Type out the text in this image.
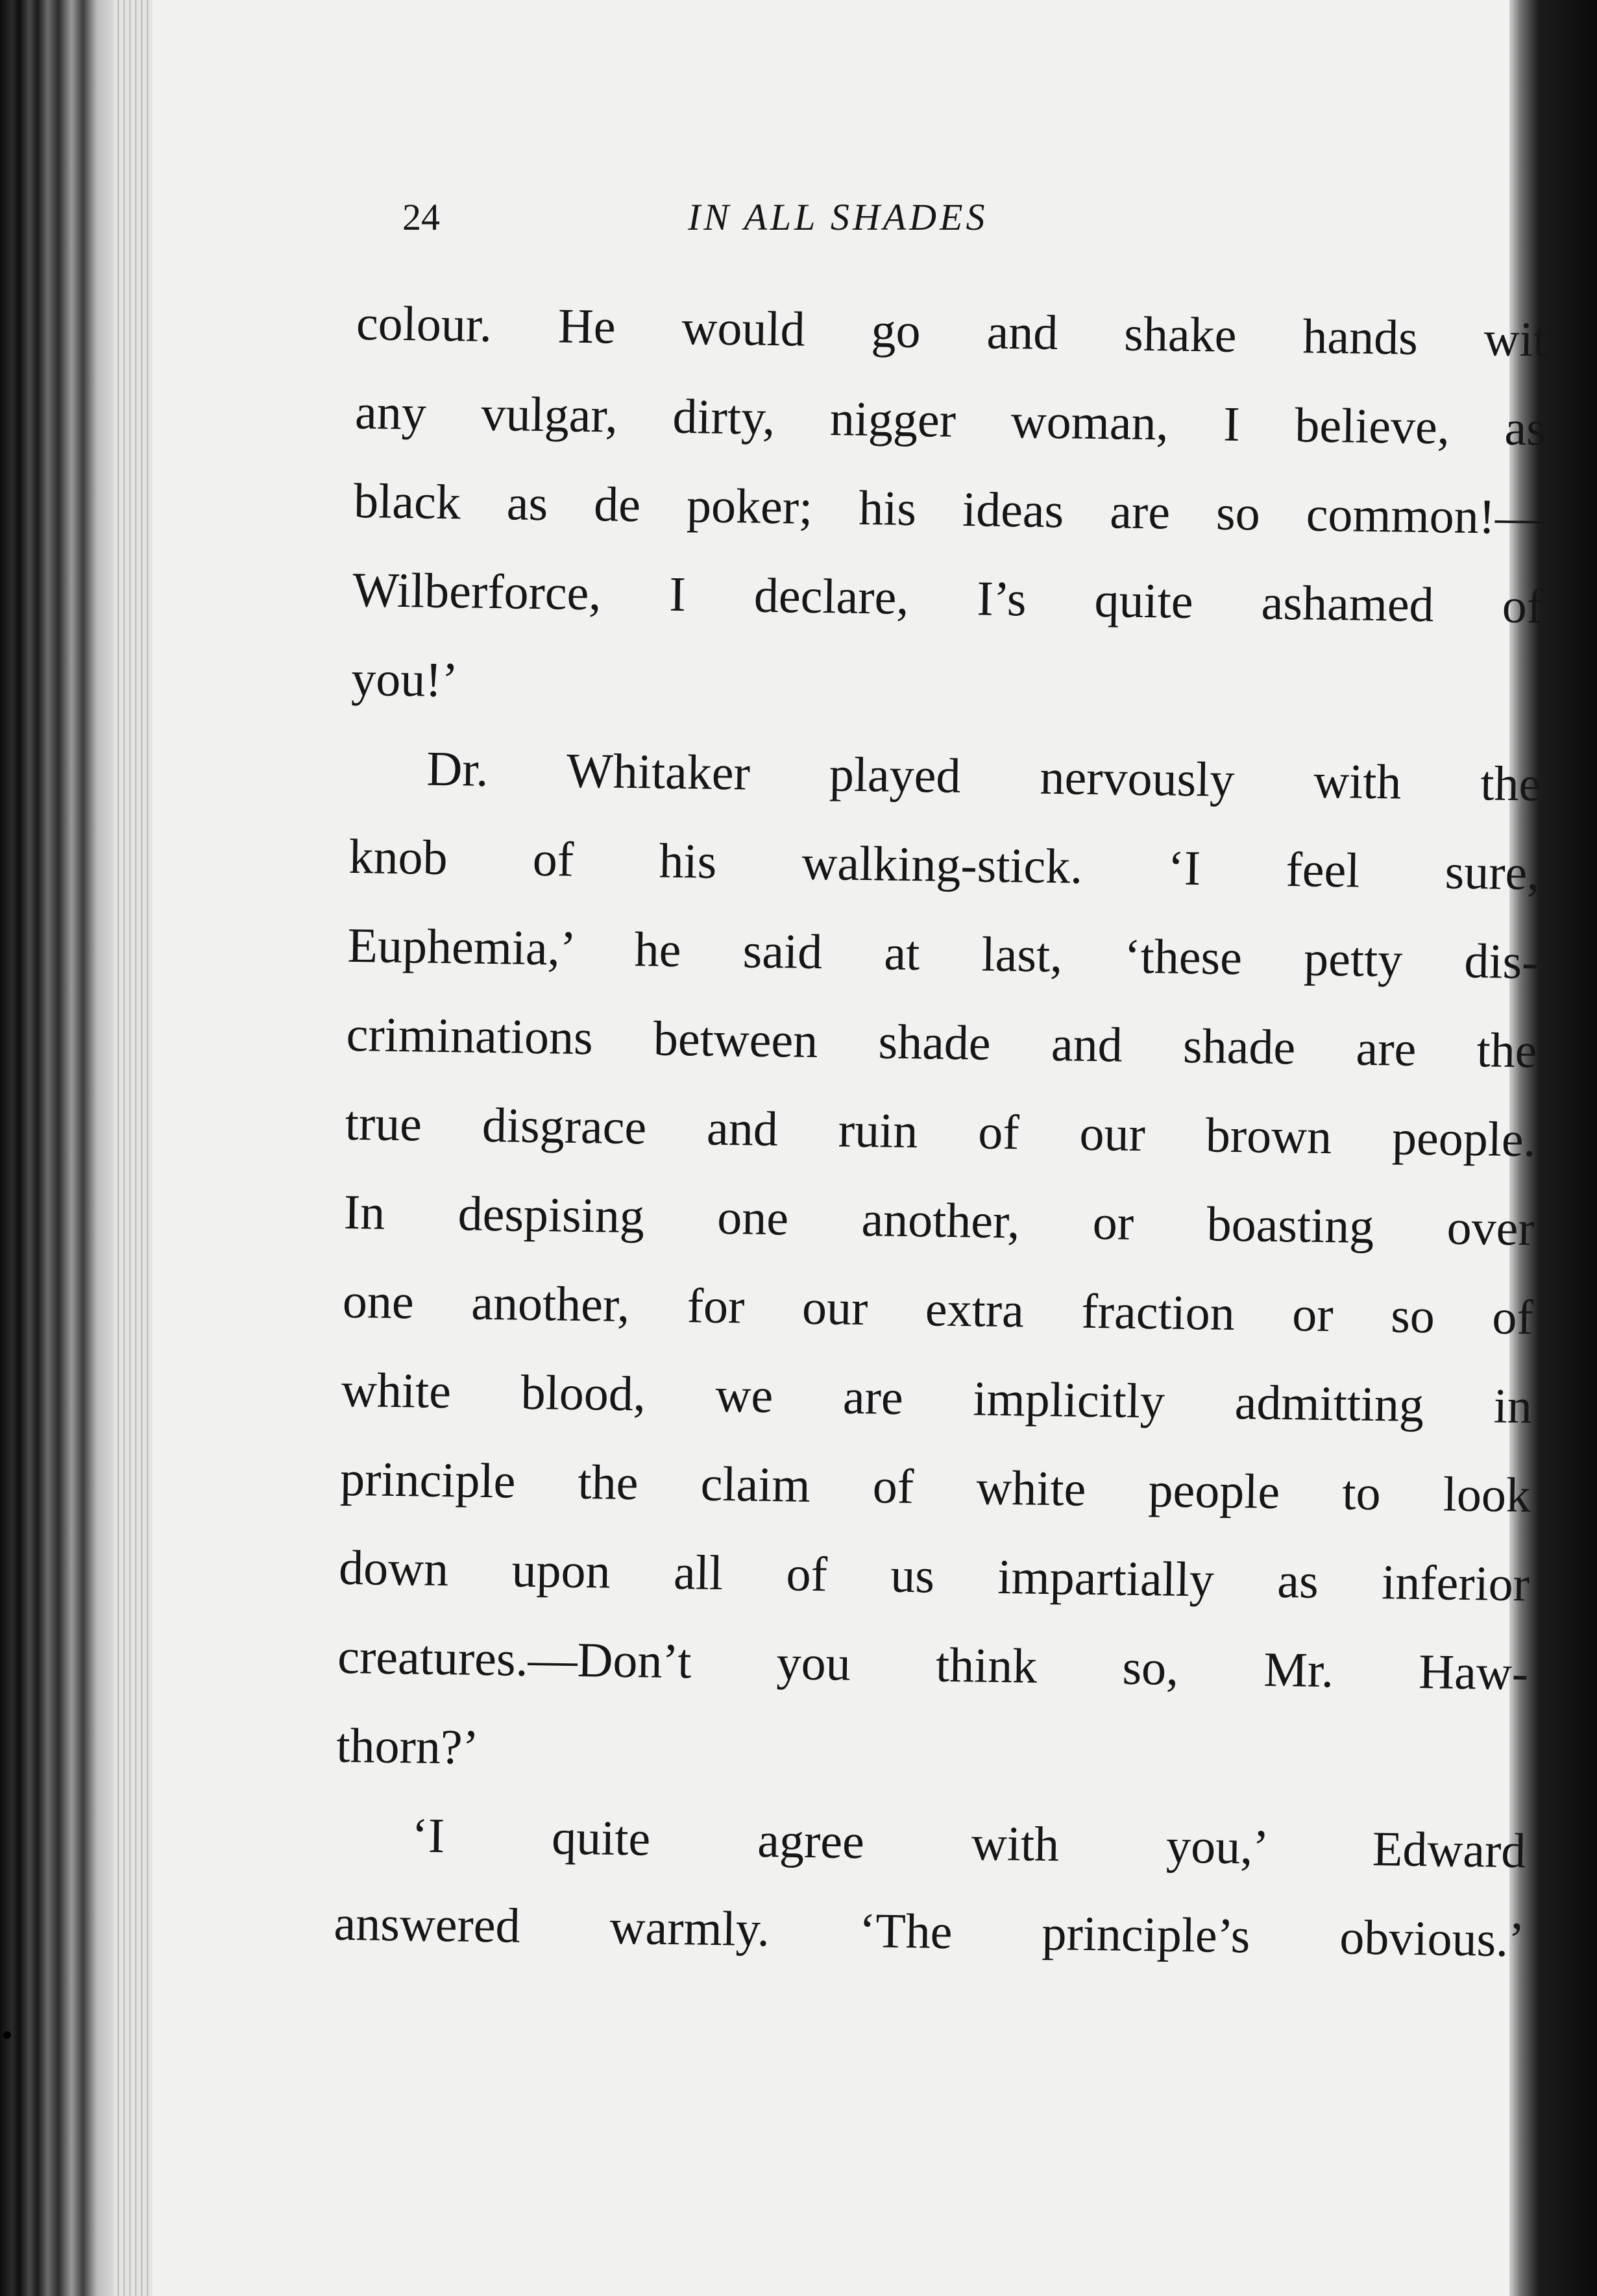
24	IN ALL SHADES

colour. He would go and shake hands wit
any vulgar, dirty, nigger woman, I believe, as
black as de poker; his ideas are so common!—
Wilberforce, I declare, I’s quite ashamed of
you!’

Dr. Whitaker played nervously with the
knob of his walking-stick. ‘I feel sure,
Euphemia,’ he said at last, ‘these petty dis-
criminations between shade and shade are the
true disgrace and ruin of our brown people.
In despising one another, or boasting over
one another, for our extra fraction or so of
white blood, we are implicitly admitting in
principle the claim of white people to look
down upon all of us impartially as inferior
creatures.—Don’t you think so, Mr. Haw-
thorn?’

‘I quite agree with you,’ Edward
answered warmly. ‘The principle’s obvious.’
